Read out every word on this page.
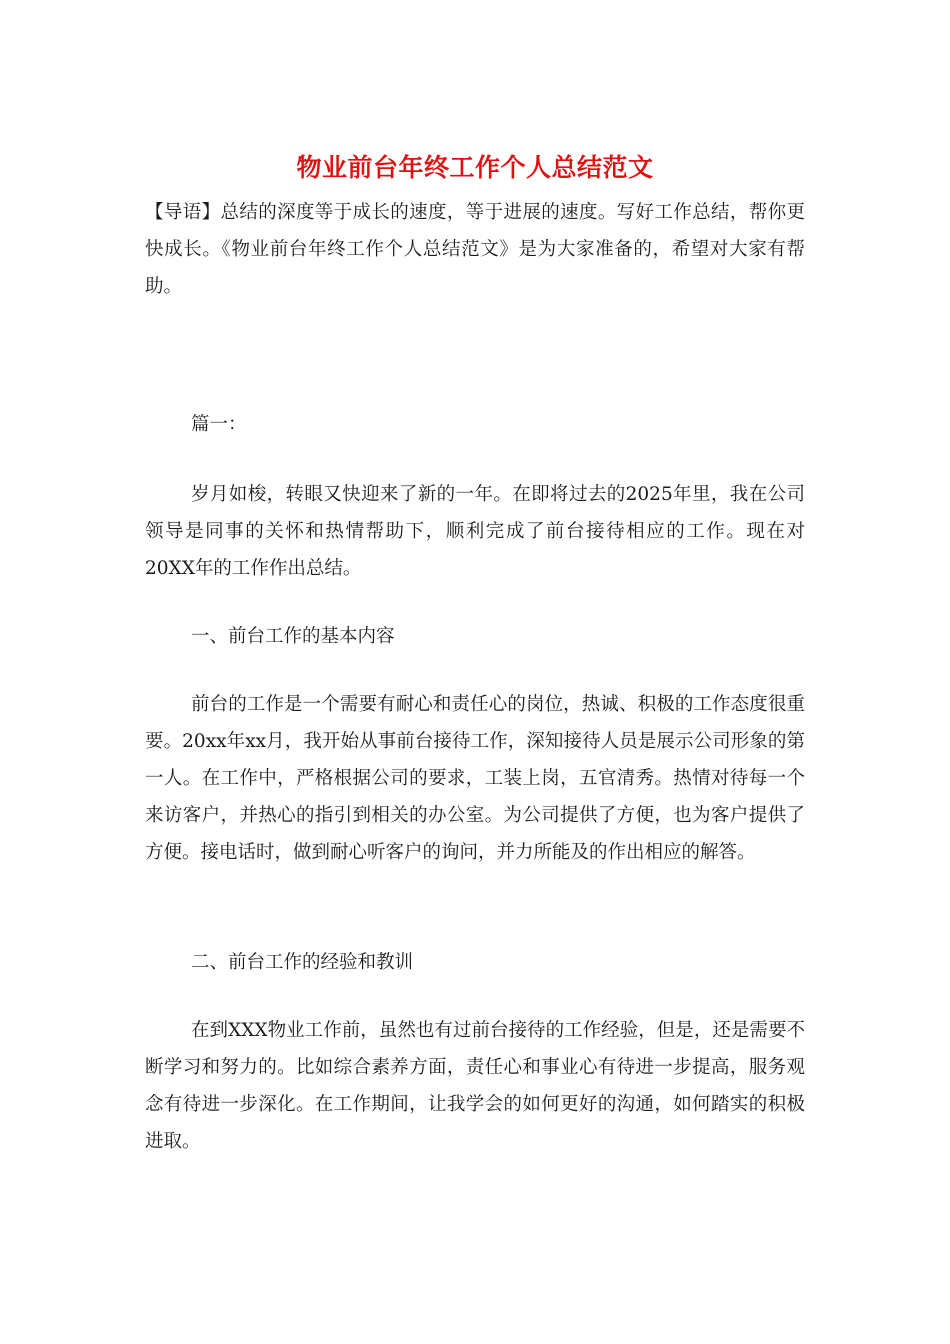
物业前台年终工作个人总结范文
【导语】总结的深度等于成长的速度，等于进展的速度。写好工作总结，帮你更快成长。《物业前台年终工作个人总结范文》是为大家准备的，希望对大家有帮助。
篇一：
岁月如梭，转眼又快迎来了新的一年。在即将过去的2025年里，我在公司领导是同事的关怀和热情帮助下，顺利完成了前台接待相应的工作。现在对20XX年的工作作出总结。
一、前台工作的基本内容
前台的工作是一个需要有耐心和责任心的岗位，热诚、积极的工作态度很重要。20xx年xx月，我开始从事前台接待工作，深知接待人员是展示公司形象的第一人。在工作中，严格根据公司的要求，工装上岗，五官清秀。热情对待每一个来访客户，并热心的指引到相关的办公室。为公司提供了方便，也为客户提供了方便。接电话时，做到耐心听客户的询问，并力所能及的作出相应的解答。
二、前台工作的经验和教训
在到XXX物业工作前，虽然也有过前台接待的工作经验，但是，还是需要不断学习和努力的。比如综合素养方面，责任心和事业心有待进一步提高，服务观念有待进一步深化。在工作期间，让我学会的如何更好的沟通，如何踏实的积极进取。
